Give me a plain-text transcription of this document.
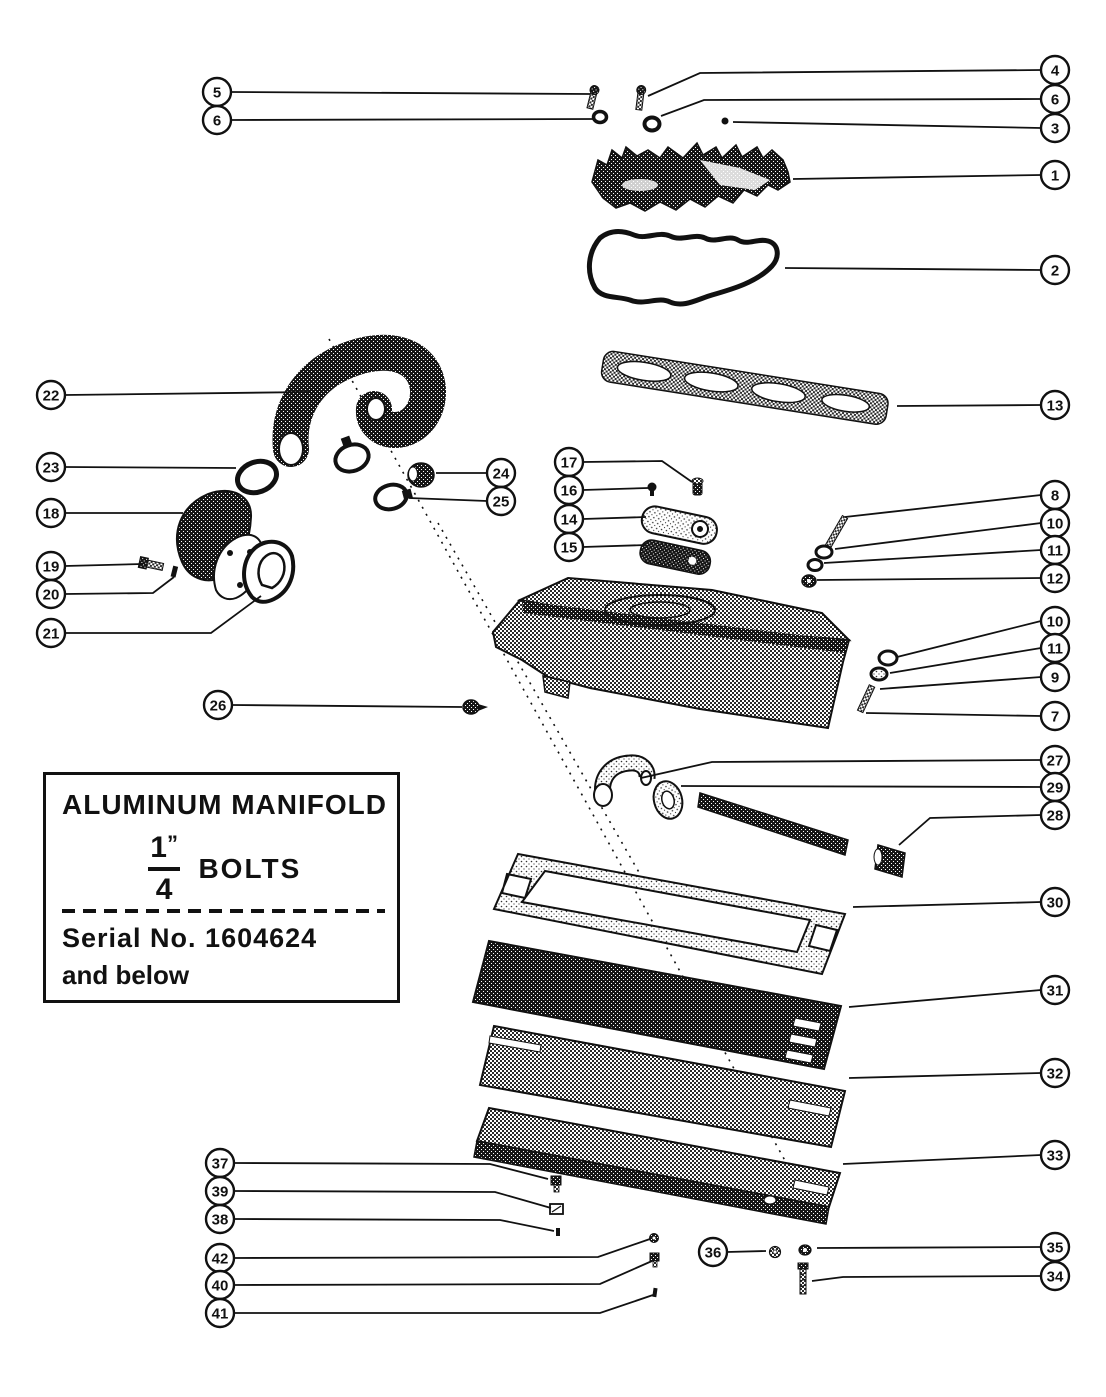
5
6
22
23
18
19
20
21
26
24
25
17
16
14
15
37
39
38
42
40
41
36
4
6
3
1
2
13
8
10
11
12
10
11
9
7
27
29
28
30
31
32
33
35
34
ALUMINUM MANIFOLD
$\frac{1^”}{4}$ BOLTS
Serial No. 1604624
and below
